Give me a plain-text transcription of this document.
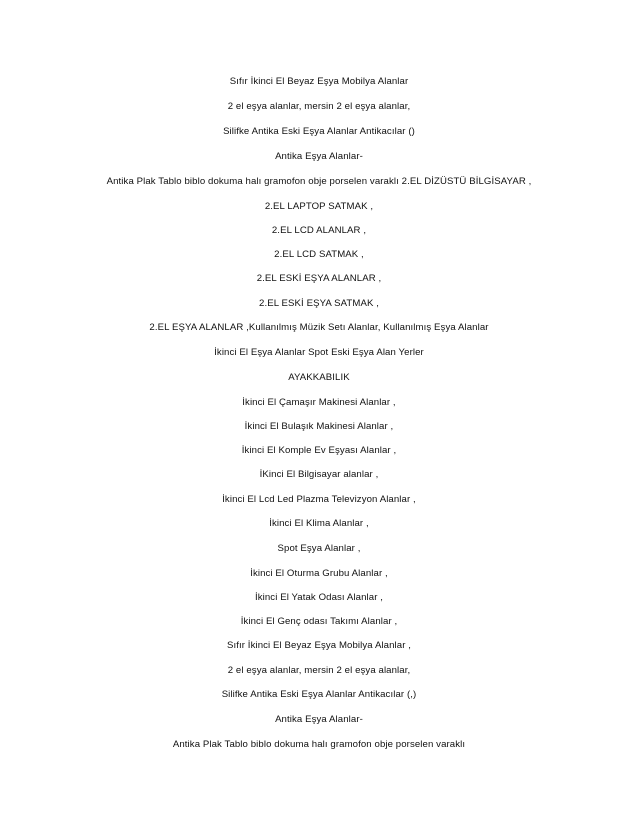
Sıfır İkinci El Beyaz Eşya Mobilya Alanlar
2 el eşya alanlar, mersin 2 el eşya alanlar,
Silifke Antika Eski Eşya Alanlar Antikacılar ()
Antika Eşya Alanlar-
Antika Plak Tablo biblo dokuma halı gramofon obje porselen varaklı 2.EL DİZÜSTÜ BİLGİSAYAR ,
2.EL LAPTOP SATMAK ,
2.EL LCD ALANLAR ,
2.EL LCD SATMAK ,
2.EL ESKİ EŞYA ALANLAR ,
2.EL ESKİ EŞYA SATMAK ,
2.EL EŞYA ALANLAR ,Kullanılmış Müzik Setı Alanlar, Kullanılmış Eşya Alanlar
İkinci El Eşya Alanlar Spot Eski Eşya Alan Yerler
AYAKKABILIK
İkinci El Çamaşır Makinesi Alanlar ,
İkinci El Bulaşık Makinesi Alanlar ,
İkinci El Komple Ev Eşyası Alanlar ,
İKinci El Bilgisayar alanlar ,
İkinci El Lcd Led Plazma Televizyon Alanlar ,
İkinci El Klima Alanlar ,
Spot Eşya Alanlar ,
İkinci El Oturma Grubu Alanlar ,
İkinci El Yatak Odası Alanlar ,
İkinci El Genç odası Takımı Alanlar ,
Sıfır İkinci El Beyaz Eşya Mobilya Alanlar ,
2 el eşya alanlar, mersin 2 el eşya alanlar,
Silifke Antika Eski Eşya Alanlar Antikacılar (,)
Antika Eşya Alanlar-
Antika Plak Tablo biblo dokuma halı gramofon obje porselen varaklı
